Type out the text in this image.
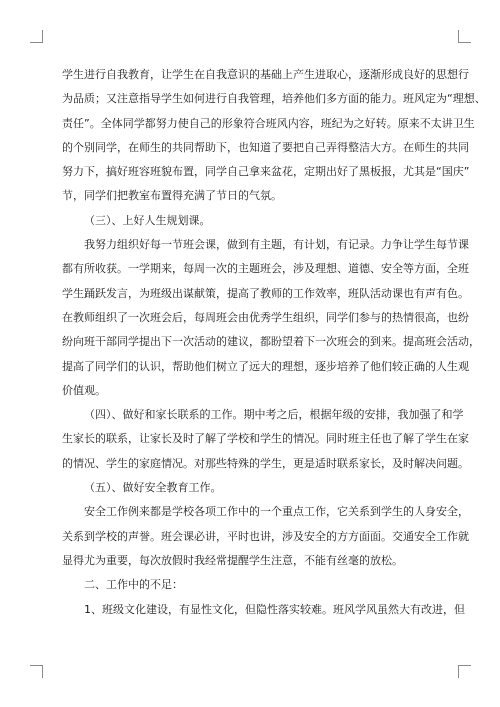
学生进行自我教育，让学生在自我意识的基础上产生进取心，逐渐形成良好的思想行
为品质；又注意指导学生如何进行自我管理，培养他们多方面的能力。班风定为“理想、
责任”。全体同学都努力使自己的形象符合班风内容，班纪为之好转。原来不太讲卫生
的个别同学，在师生的共同帮助下，也知道了要把自己弄得整洁大方。在师生的共同
努力下，搞好班容班貌布置，同学自己拿来盆花，定期出好了黑板报，尤其是“国庆”
节，同学们把教室布置得充满了节日的气氛。
（三）、上好人生规划课。
我努力组织好每一节班会课，做到有主题，有计划，有记录。力争让学生每节课
都有所收获。一学期来，每周一次的主题班会，涉及理想、道德、安全等方面，全班
学生踊跃发言，为班级出谋献策，提高了教师的工作效率，班队活动课也有声有色。
在教师组织了一次班会后，每周班会由优秀学生组织，同学们参与的热情很高，也纷
纷向班干部同学提出下一次活动的建议，都盼望着下一次班会的到来。提高班会活动，
提高了同学们的认识，帮助他们树立了远大的理想，逐步培养了他们较正确的人生观
价值观。
（四）、做好和家长联系的工作。期中考之后，根据年级的安排，我加强了和学
生家长的联系，让家长及时了解了学校和学生的情况。同时班主任也了解了学生在家
的情况、学生的家庭情况。对那些特殊的学生，更是适时联系家长，及时解决问题。
（五）、做好安全教育工作。
安全工作例来都是学校各项工作中的一个重点工作，它关系到学生的人身安全，
关系到学校的声誉。班会课必讲，平时也讲，涉及安全的方方面面。交通安全工作就
显得尤为重要，每次放假时我经常提醒学生注意，不能有丝毫的放松。
二、工作中的不足：
1、班级文化建设，有显性文化，但隐性落实较难。班风学风虽然大有改进，但
